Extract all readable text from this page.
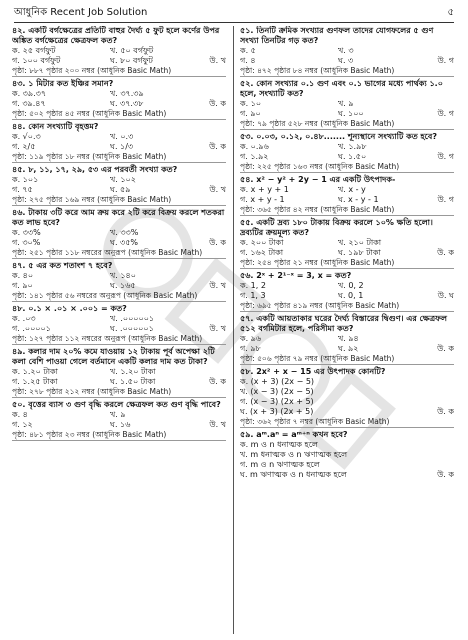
আধুনিক Recent Job Solution	৫
৪২. একটি বর্গক্ষেত্রের প্রতিটি বাহুর দৈর্ঘ্য ৫ ফুট হলে কর্ণের উপর অঙ্কিত বর্গক্ষেত্রের ক্ষেত্রফল কত?
ক. ২৫ বর্গফুট	খ. ৫০ বর্গফুট
গ. ১০০ বর্গফুট	ঘ. ৮০ বর্গফুট	উ. খ
পৃষ্ঠা: ৮৮৭ পৃষ্ঠার ২০০ নম্বর (আধুনিক Basic Math)
৪৩. ১ মিটার কত ইঞ্চির সমান?
ক. ৩৯.৩৭	খ. ৩৭.৩৯
গ. ৩৯.৪৭	ঘ. ৩৭.৩৮	উ. ক
পৃষ্ঠা: ৫০২ পৃষ্ঠার ৪৫ নম্বর (আধুনিক Basic Math)
৪৪. কোন সংখ্যাটি বৃহত্তম?
ক. √০.৩	খ. ০.৩
গ. ২/৫	ঘ. ১/৩	উ. ক
পৃষ্ঠা: ১১৯ পৃষ্ঠার ১৮ নম্বর (আধুনিক Basic Math)
৪৫. ৮, ১১, ১৭, ২৯, ৫৩ এর পরবর্তী সংখ্যা কত?
ক. ১০১	খ. ১০২
গ. ৭৫	ঘ. ৫৯	উ. খ
পৃষ্ঠা: ২৭৫ পৃষ্ঠার ১৬৯ নম্বর (আধুনিক Basic Math)
৪৬. টাকায় ৩টি করে আম ক্রয় করে ২টি করে বিক্রয় করলে শতকরা কত লাভ হবে?
ক. ৩৩%	খ. ৩৩%
গ. ৩০%	ঘ. ৩৫%	উ. ক
পৃষ্ঠা: ২৫১ পৃষ্ঠার ১১৮ নম্বরের অনুরূপ (আধুনিক Basic Math)
৪৭. ৫ এর কত শতাংশ ৭ হবে?
ক. ৪০	খ. ১৪০
গ. ৯০	ঘ. ১৬৫	উ. খ
পৃষ্ঠা: ১৪১ পৃষ্ঠার ৫৬ নম্বরের অনুরূপ (আধুনিক Basic Math)
৪৮. ০.১ × .০১ × .০০১ = কত?
ক. .০৩	খ. .০০০০০১
গ. .০০০০১	ঘ. .০০০০০১	উ. খ
পৃষ্ঠা: ১২৭ পৃষ্ঠার ১১২ নম্বরের অনুরূপ (আধুনিক Basic Math)
৪৯. কলার দাম ২০% কমে যাওয়ায় ১২ টাকায় পূর্ব অপেক্ষা ২টি কলা বেশি পাওয়া গেলে বর্তমানে একটি কলার দাম কত টাকা?
ক. ১.২০ টাকা	খ. ১.২০ টাকা
গ. ১.২৫ টাকা	ঘ. ১.৫০ টাকা	উ. ক
পৃষ্ঠা: ২৭৮ পৃষ্ঠার ২১২ নম্বর (আধুনিক Basic Math)
৫০. বৃত্তের ব্যাস ৩ গুণ বৃদ্ধি করলে ক্ষেত্রফল কত গুণ বৃদ্ধি পাবে?
ক. ৪	খ. ৯
গ. ১২	ঘ. ১৬	উ. খ
পৃষ্ঠা: ৪৮১ পৃষ্ঠার ২৩ নম্বর (আধুনিক Basic Math)
৫১. তিনটি ক্রমিক সংখ্যার গুণফল তাদের যোগফলের ৫ গুণ সংখ্যা তিনটির গড় কত?
ক. ৫	খ. ৩
গ. ৪	ঘ. ৩	উ. গ
পৃষ্ঠা: ৪৭২ পৃষ্ঠার ৮৪ নম্বর (আধুনিক Basic Math)
৫২. কোন সংখ্যার ০.১ গুণ এবং ০.১ ভাগের মধ্যে পার্থক্য ১.০ হলে, সংখ্যাটি কত?
ক. ১০	খ. ৯
গ. ৯০	ঘ. ১০০	উ. গ
পৃষ্ঠা: ৭৯ পৃষ্ঠার ৫২৮ নম্বর (আধুনিক Basic Math)
৫৩. ০.০৩, ০.১২, ০.৪৮....... শূন্যস্থানে সংখ্যাটি কত হবে?
ক. ০.৯৬	খ. ১.৯৮
গ. ১.৯২	ঘ. ১.৫০	উ. গ
পৃষ্ঠা: ২২৫ পৃষ্ঠার ১৬৩ নম্বর (আধুনিক Basic Math)
৫৪. x² − y² + 2y − 1 এর একটি উৎপাদক-
ক. x + y + 1	খ. x - y
গ. x + y - 1	ঘ. x - y - 1	উ. গ
পৃষ্ঠা: ৩৬৫ পৃষ্ঠার ৪২ নম্বর (আধুনিক Basic Math)
৫৫. একটি দ্রব্য ১৮০ টাকায় বিক্রয় করলে ১০% ক্ষতি হলো। দ্রব্যটির ক্রয়মূল্য কত?
ক. ২০০ টাকা	খ. ২১০ টাকা
গ. ১৬২ টাকা	ঘ. ১৯৮ টাকা	উ. ক
পৃষ্ঠা: ২৫৪ পৃষ্ঠার ২১ নম্বর (আধুনিক Basic Math)
৫৬. 2ˣ + 2¹⁻ˣ = 3, x = কত?
ক. 1, 2	খ. 0, 2
গ. 1, 3	ঘ. 0, 1	উ. ঘ
পৃষ্ঠা: ৬৯৫ পৃষ্ঠার ৪১৯ নম্বর (আধুনিক Basic Math)
৫৭. একটি আয়তাকার ঘরের দৈর্ঘ্য বিস্তারের দ্বিগুণ। এর ক্ষেত্রফল ৫১২ বর্গমিটার হলে, পরিসীমা কত?
ক. ৯৬	খ. ৯৪
গ. ৯৮	ঘ. ৯২	উ. ক
পৃষ্ঠা: ৫০৬ পৃষ্ঠার ৭৯ নম্বর (আধুনিক Basic Math)
৫৮. 2x² + x − 15 এর উৎপাদক কোনটি?
ক. (x + 3) (2x − 5)
খ. (x − 3) (2x − 5)
গ. (x − 3) (2x + 5)
ঘ. (x + 3) (2x + 5)	উ. ক
পৃষ্ঠা: ৩৬২ পৃষ্ঠার ৭ নম্বর (আধুনিক Basic Math)
৫৯. aᵐ.aⁿ = aᵐ⁺ⁿ কখন হবে?
ক. m ও n ধনাত্মক হলে
খ. m ধনাত্মক ও n ঋণাত্মক হলে
গ. m ও n ঋণাত্মক হলে
ঘ. m ঋণাত্মক ও n ধনাত্মক হলে	উ. ক
